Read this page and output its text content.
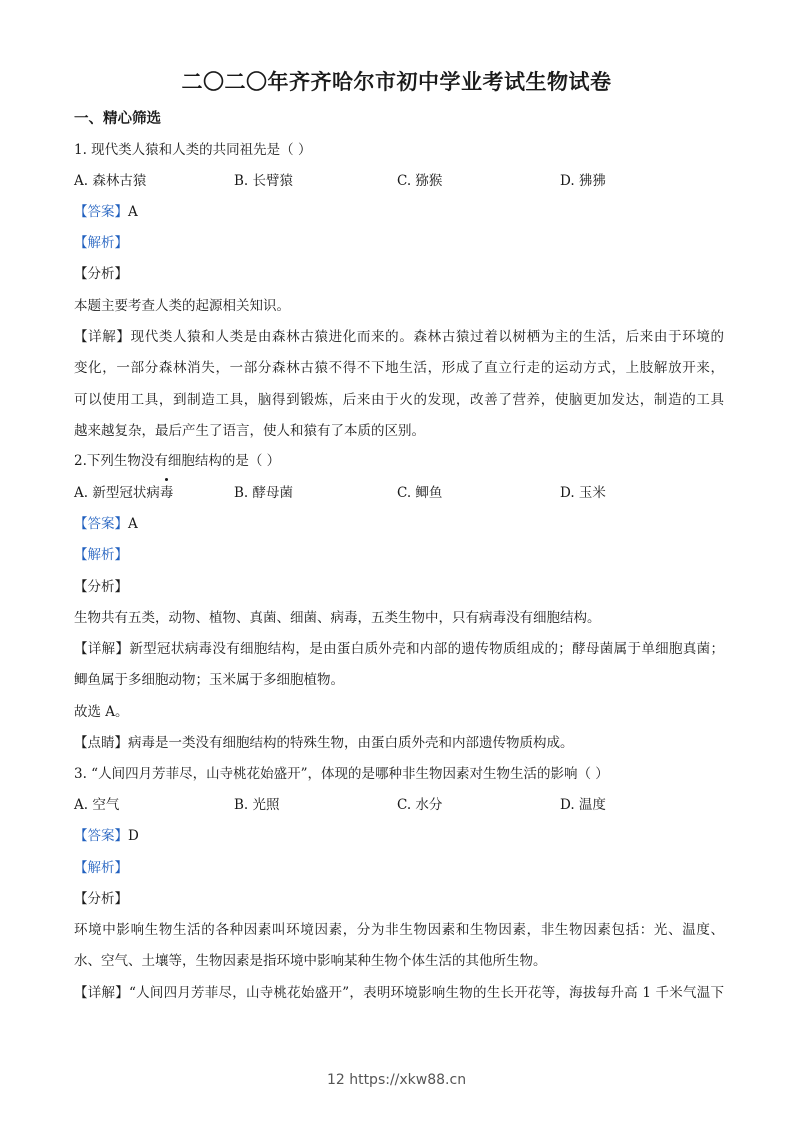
二〇二〇年齐齐哈尔市初中学业考试生物试卷
一、精心筛选
1. 现代类人猿和人类的共同祖先是（ ）
A. 森林古猿	B. 长臂猿	C. 猕猴	D. 狒狒
【答案】A
【解析】
【分析】
本题主要考查人类的起源相关知识。
【详解】现代类人猿和人类是由森林古猿进化而来的。森林古猿过着以树栖为主的生活，后来由于环境的
变化，一部分森林消失，一部分森林古猿不得不下地生活，形成了直立行走的运动方式，上肢解放开来，
可以使用工具，到制造工具，脑得到锻炼，后来由于火的发现，改善了营养，使脑更加发达，制造的工具
越来越复杂，最后产生了语言，使人和猿有了本质的区别。
2.下列生物没有细胞结构的是（ ）
A. 新型冠状病毒	B. 酵母菌	C. 鲫鱼	D. 玉米
【答案】A
【解析】
【分析】
生物共有五类，动物、植物、真菌、细菌、病毒，五类生物中，只有病毒没有细胞结构。
【详解】新型冠状病毒没有细胞结构，是由蛋白质外壳和内部的遗传物质组成的；酵母菌属于单细胞真菌；
鲫鱼属于多细胞动物；玉米属于多细胞植物。
故选 A。
【点睛】病毒是一类没有细胞结构的特殊生物，由蛋白质外壳和内部遗传物质构成。
3. “人间四月芳菲尽，山寺桃花始盛开”，体现的是哪种非生物因素对生物生活的影响（ ）
A. 空气	B. 光照	C. 水分	D. 温度
【答案】D
【解析】
【分析】
环境中影响生物生活的各种因素叫环境因素，分为非生物因素和生物因素，非生物因素包括：光、温度、
水、空气、土壤等，生物因素是指环境中影响某种生物个体生活的其他所生物。
【详解】“人间四月芳菲尽，山寺桃花始盛开”，表明环境影响生物的生长开花等，海拔每升高 1 千米气温下
12 https://xkw88.cn
